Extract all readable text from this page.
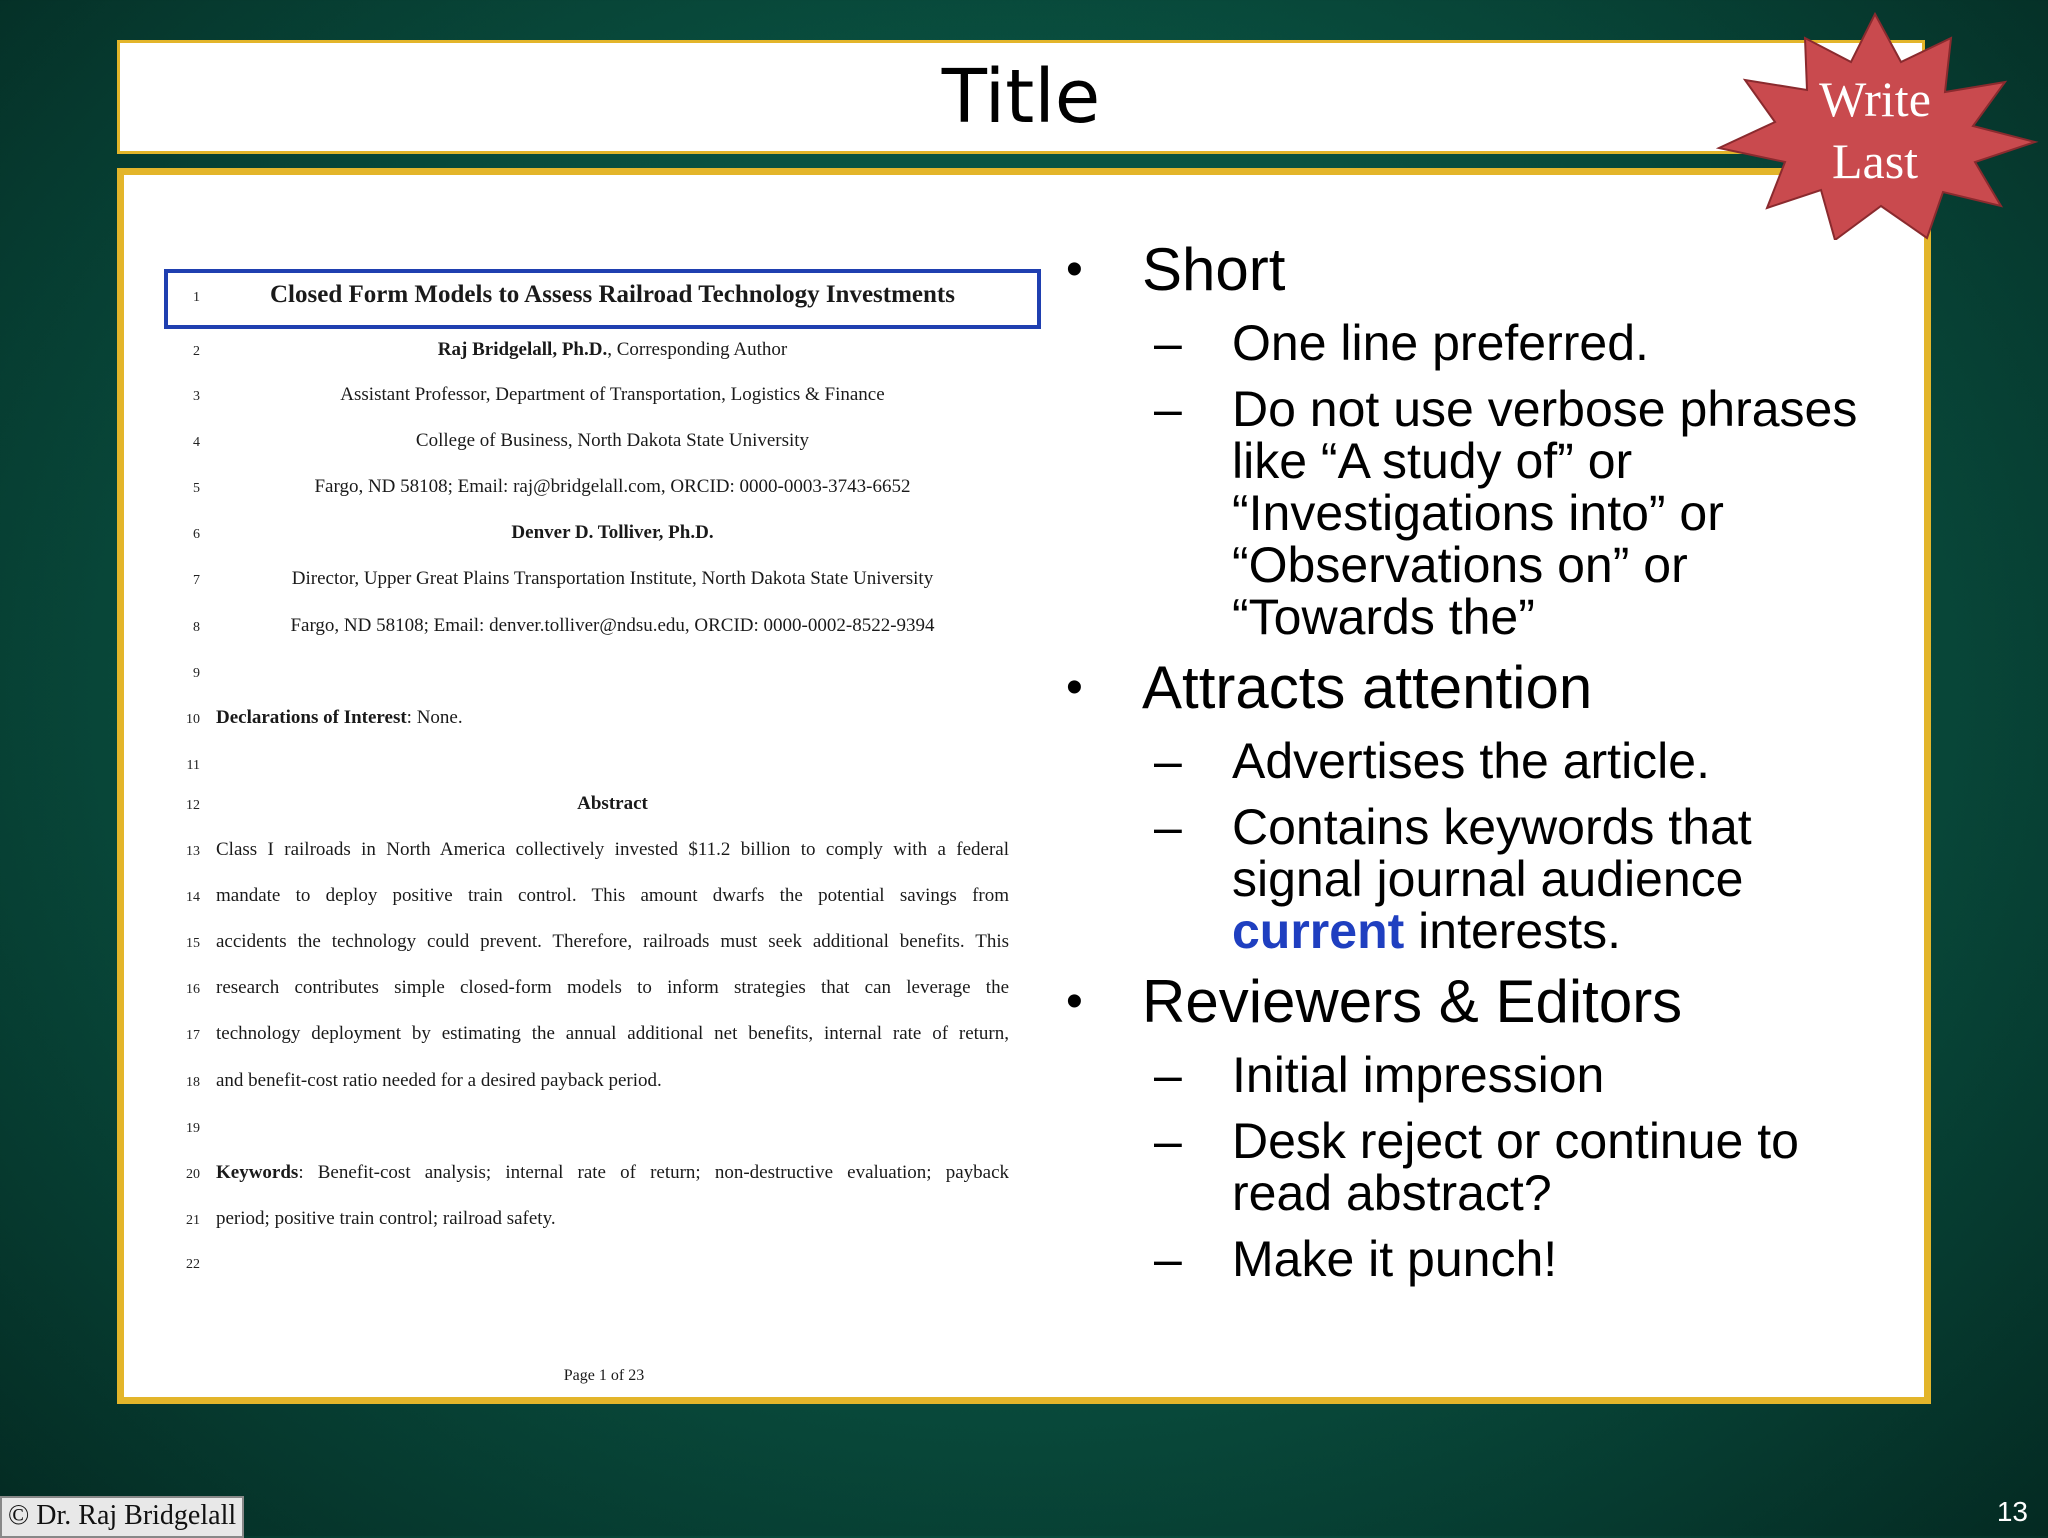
Title
1	Closed Form Models to Assess Railroad Technology Investments
2	Raj Bridgelall, Ph.D., Corresponding Author
3	Assistant Professor, Department of Transportation, Logistics & Finance
4	College of Business, North Dakota State University
5	Fargo, ND 58108; Email: raj@bridgelall.com, ORCID: 0000-0003-3743-6652
6	Denver D. Tolliver, Ph.D.
7	Director, Upper Great Plains Transportation Institute, North Dakota State University
8	Fargo, ND 58108; Email: denver.tolliver@ndsu.edu, ORCID: 0000-0002-8522-9394
9
10 Declarations of Interest: None.
11
12	Abstract
13 Class I railroads in North America collectively invested $11.2 billion to comply with a federal
14 mandate to deploy positive train control. This amount dwarfs the potential savings from
15 accidents the technology could prevent. Therefore, railroads must seek additional benefits. This
16 research contributes simple closed-form models to inform strategies that can leverage the
17 technology deployment by estimating the annual additional net benefits, internal rate of return,
18 and benefit-cost ratio needed for a desired payback period.
19
20 Keywords: Benefit-cost analysis; internal rate of return; non-destructive evaluation; payback
21 period; positive train control; railroad safety.
22
Page 1 of 23
• Short
– One line preferred.
– Do not use verbose phrases like “A study of” or “Investigations into” or “Observations on” or “Towards the”
• Attracts attention
– Advertises the article.
– Contains keywords that signal journal audience current interests.
• Reviewers & Editors
– Initial impression
– Desk reject or continue to read abstract?
– Make it punch!
Write
Last
© Dr. Raj Bridgelall	13
